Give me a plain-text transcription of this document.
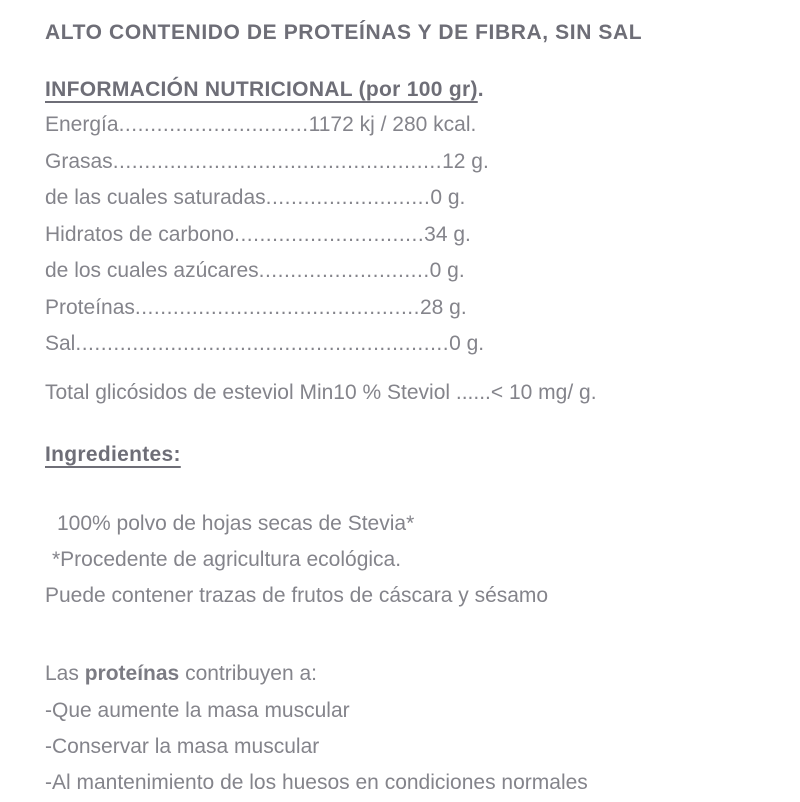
ALTO CONTENIDO DE PROTEÍNAS Y DE FIBRA, SIN SAL
INFORMACIÓN NUTRICIONAL (por 100 gr).
Energía..............................1172 kj / 280 kcal.
Grasas....................................................12 g.
de las cuales saturadas..........................0 g.
Hidratos de carbono..............................34 g.
de los cuales azúcares...........................0 g.
Proteínas.............................................28 g.
Sal...........................................................0 g.

Total glicósidos de esteviol Min10 % Steviol ......< 10 mg/ g.

Ingredientes:

100% polvo de hojas secas de Stevia*

*Procedente de agricultura ecológica.

Puede contener trazas de frutos de cáscara y sésamo

Las proteínas contribuyen a:

-Que aumente la masa muscular

-Conservar la masa muscular

-Al mantenimiento de los huesos en condiciones normales
